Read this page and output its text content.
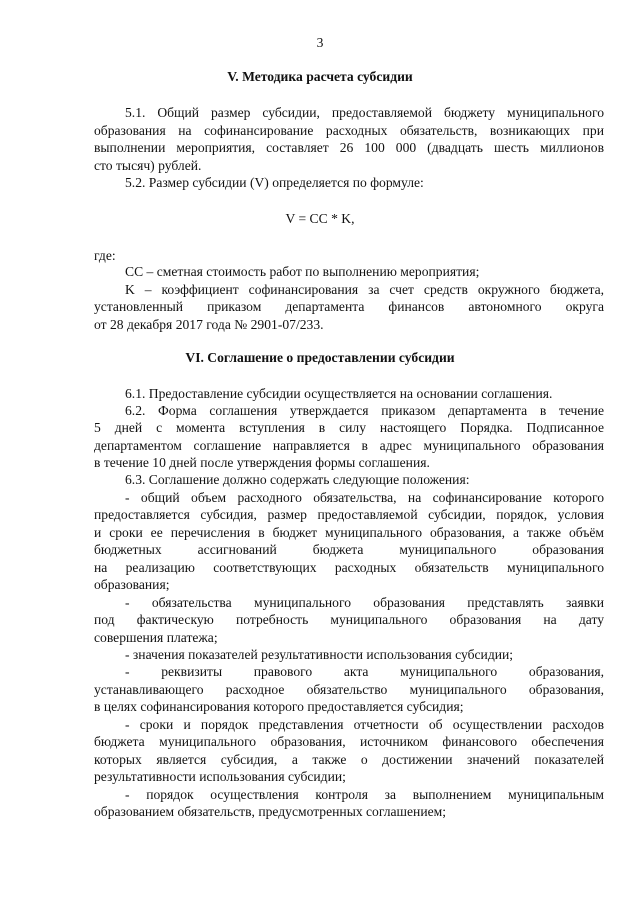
3
V. Методика расчета субсидии
5.1. Общий размер субсидии, предоставляемой бюджету муниципального
образования на софинансирование расходных обязательств, возникающих при
выполнении мероприятия, составляет 26 100 000 (двадцать шесть миллионов
сто тысяч) рублей.
5.2. Размер субсидии (V) определяется по формуле:
V = CC * K,
где:
CC – сметная стоимость работ по выполнению мероприятия;
K – коэффициент софинансирования за счет средств окружного бюджета,
установленный приказом департамента финансов автономного округа
от 28 декабря 2017 года № 2901-07/233.
VI. Соглашение о предоставлении субсидии
6.1. Предоставление субсидии осуществляется на основании соглашения.
6.2. Форма соглашения утверждается приказом департамента в течение
5 дней с момента вступления в силу настоящего Порядка. Подписанное
департаментом соглашение направляется в адрес муниципального образования
в течение 10 дней после утверждения формы соглашения.
6.3. Соглашение должно содержать следующие положения:
- общий объем расходного обязательства, на софинансирование которого
предоставляется субсидия, размер предоставляемой субсидии, порядок, условия
и сроки ее перечисления в бюджет муниципального образования, а также объём
бюджетных ассигнований бюджета муниципального образования
на реализацию соответствующих расходных обязательств муниципального
образования;
- обязательства муниципального образования представлять заявки
под фактическую потребность муниципального образования на дату
совершения платежа;
- значения показателей результативности использования субсидии;
- реквизиты правового акта муниципального образования,
устанавливающего расходное обязательство муниципального образования,
в целях софинансирования которого предоставляется субсидия;
- сроки и порядок представления отчетности об осуществлении расходов
бюджета муниципального образования, источником финансового обеспечения
которых является субсидия, а также о достижении значений показателей
результативности использования субсидии;
- порядок осуществления контроля за выполнением муниципальным
образованием обязательств, предусмотренных соглашением;
